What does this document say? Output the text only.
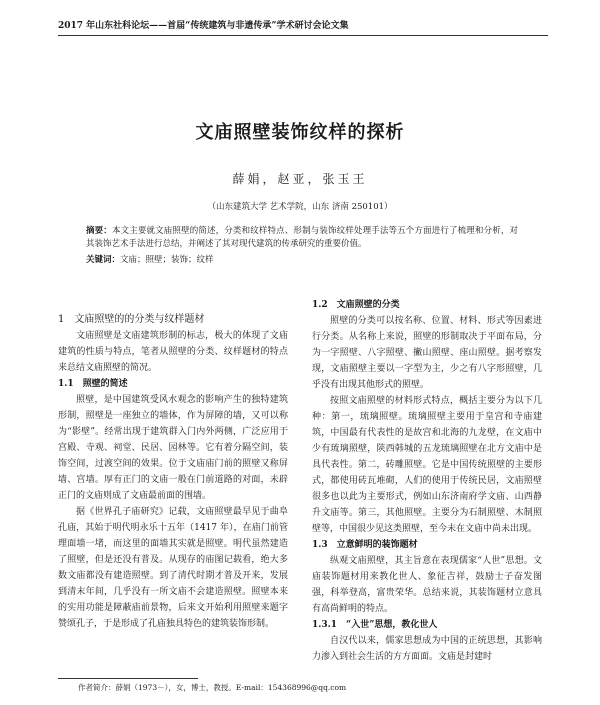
2017 年山东社科论坛——首届“传统建筑与非遗传承”学术研讨会论文集
文庙照壁装饰纹样的探析
薛娟，赵亚，张玉王
（山东建筑大学 艺术学院，山东 济南 250101）
摘要：本文主要就文庙照壁的简述，分类和纹样特点、形制与装饰纹样处理手法等五个方面进行了梳理和分析，对其装饰艺术手法进行总结，并阐述了其对现代建筑的传承研究的重要价值。
关键词：文庙；照壁；装饰；纹样

1　文庙照壁的的分类与纹样题材

文庙照壁是文庙建筑形制的标志，极大的体现了文庙建筑的性质与特点，笔者从照壁的分类、纹样题材的特点来总结文庙照壁的简况。

1.1　照壁的简述

照壁，是中国建筑受风水观念的影响产生的独特建筑形制，照壁是一座独立的墙体，作为屏障的墙，又可以称为“影壁”。经常出现于建筑群入门内外两侧，广泛应用于宫殿、寺观、祠堂、民居、园林等。它有着分隔空间，装饰空间，过渡空间的效果。位于文庙庙门前的照壁又称屏墙、宫墙。厚有正门的文庙一般在门前道路的对面，未辟正门的文庙则成了文庙最前面的围墙。

据《世界孔子庙研究》记载，文庙照壁最早见于曲阜孔庙，其始于明代明永乐十五年（1417 年），在庙门前管理面墙一堵，而这里的面墙其实就是照壁。明代虽然建造了照壁，但是还没有普及。从现存的庙图记载看，绝大多数文庙都没有建造照壁。到了清代时期才普及开来，发展到清末年间，几乎没有一所文庙不会建造照壁。照壁本来的实用功能是障蔽庙前景物，后来文开始利用照壁来题字赞颂孔子，于是形成了孔庙独具特色的建筑装饰形制。

1.2　文庙照壁的分类

照壁的分类可以按名称、位置、材料、形式等因素进行分类。从名称上来说，照壁的形制取决于平面布局，分为一字照壁、八字照壁、撇山照壁、座山照壁。据考察发现，文庙照壁主要以一字型为主，少之有八字形照壁，几乎没有出现其他形式的照壁。

按照文庙照壁的材料形式特点，概括主要分为以下几种：第一，琉璃照壁。琉璃照壁主要用于皇宫和寺庙建筑，中国最有代表性的是故宫和北海的九龙壁，在文庙中少有琉璃照壁，陕西韩城的五龙琉璃照壁在北方文庙中是具代表性。第二，砖雕照壁。它是中国传统照壁的主要形式，都使用砖瓦堆砌，人们的使用于传统民居，文庙照壁很多也以此为主要形式，例如山东济南府学文庙、山西静升文庙等。第三，其他照壁。主要分为石制照壁、木制照壁等，中国很少见这类照壁，至今未在文庙中尚未出现。

1.3　立意鲜明的装饰题材

纵观文庙照壁，其主旨意在表现儒家“人世”思想。文庙装饰题材用来教化世人、象征吉祥，鼓励士子奋发图强，科举登高，富贵荣华。总结来说，其装饰题材立意具有高尚鲜明的特点。

1.3.1　“入世”思想，教化世人

自汉代以来，儒家思想成为中国的正统思想，其影响力渗入到社会生活的方方面面。文庙是封建时

作者简介：薛娟（1973－），女，博士，教授。E-mail：154368996@qq.com
